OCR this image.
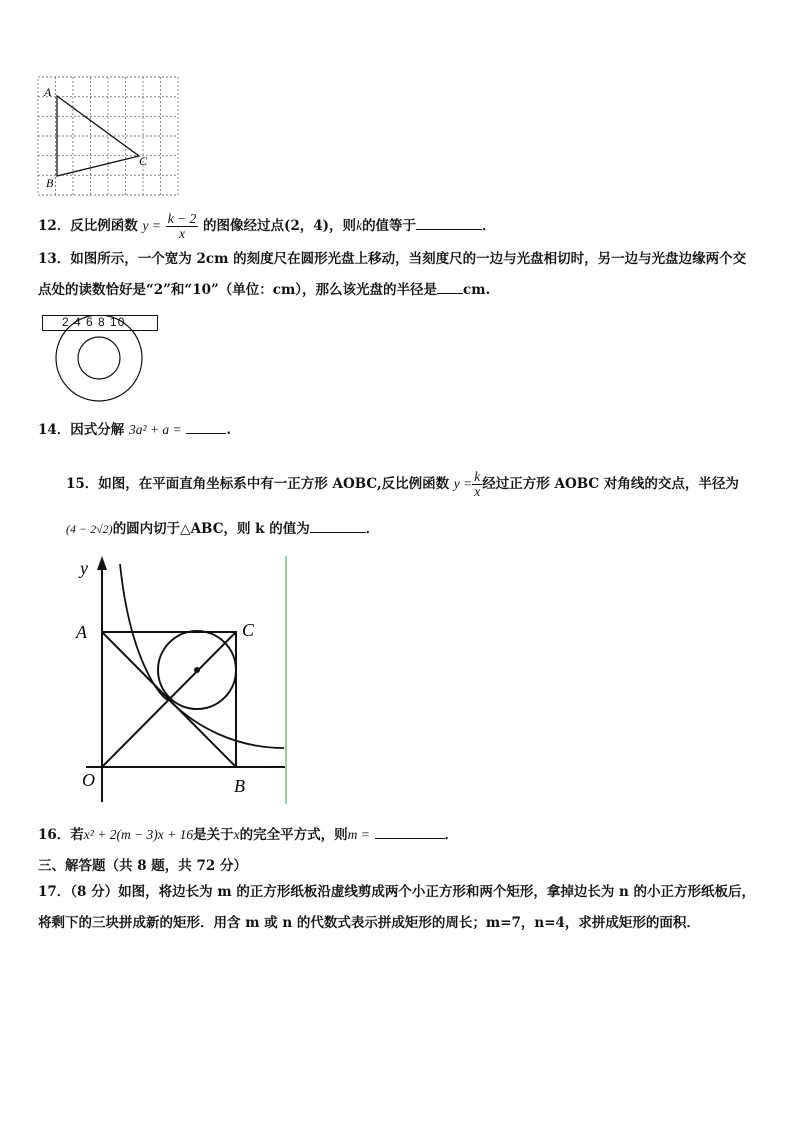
A
B
C
12．反比例函数 $y = \frac{k - 2}{x}$ 的图像经过点(2，4)，则k的值等于	．
13．如图所示，一个宽为 2cm 的刻度尺在圆形光盘上移动，当刻度尺的一边与光盘相切时，另一边与光盘边缘两个交
点处的读数恰好是“2”和“10”（单位：cm），那么该光盘的半径是 cm.
2 4 6 8 10
14．因式分解 3a² + a =	.
15．如图，在平面直角坐标系中有一正方形 AOBC,反比例函数 $y = \frac{k}{x}$ 经过正方形 AOBC 对角线的交点，半径为
(4 − 2√2)的圆内切于△ABC，则 k 的值为	．
y
A	C
O	B
16．若x² + 2(m − 3)x + 16是关于x的完全平方式，则m =	．
三、解答题（共 8 题，共 72 分）
17．（8 分）如图，将边长为 m 的正方形纸板沿虚线剪成两个小正方形和两个矩形，拿掉边长为 n 的小正方形纸板后，
将剩下的三块拼成新的矩形．用含 m 或 n 的代数式表示拼成矩形的周长；m=7，n=4，求拼成矩形的面积．
